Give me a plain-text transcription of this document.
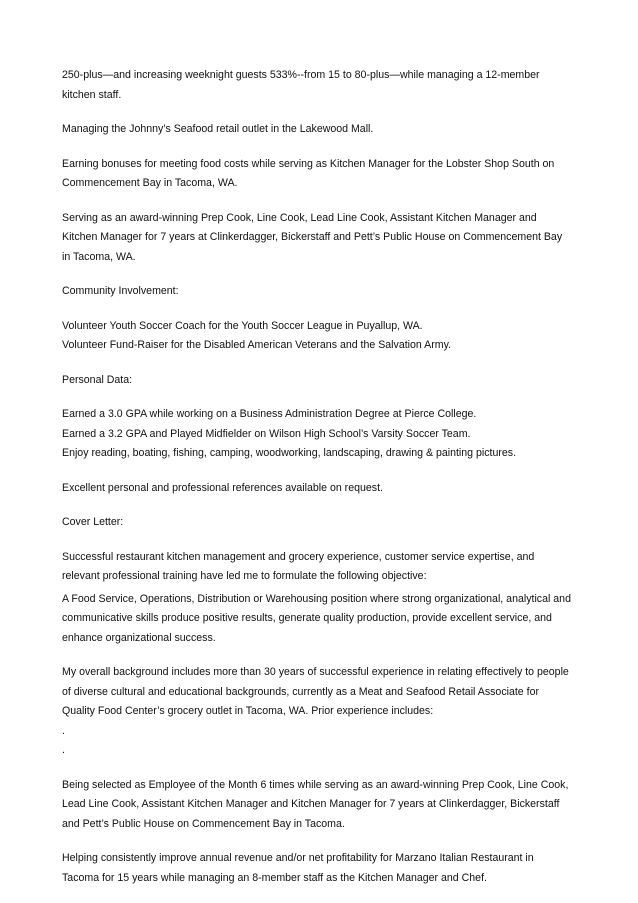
250-plus—and increasing weeknight guests 533%--from 15 to 80-plus—while managing a 12-member
kitchen staff.
Managing the Johnny’s Seafood retail outlet in the Lakewood Mall.
Earning bonuses for meeting food costs while serving as Kitchen Manager for the Lobster Shop South on
Commencement Bay in Tacoma, WA.
Serving as an award-winning Prep Cook, Line Cook, Lead Line Cook, Assistant Kitchen Manager and
Kitchen Manager for 7 years at Clinkerdagger, Bickerstaff and Pett’s Public House on Commencement Bay
in Tacoma, WA.
Community Involvement:
Volunteer Youth Soccer Coach for the Youth Soccer League in Puyallup, WA.
Volunteer Fund-Raiser for the Disabled American Veterans and the Salvation Army.
Personal Data:
Earned a 3.0 GPA while working on a Business Administration Degree at Pierce College.
Earned a 3.2 GPA and Played Midfielder on Wilson High School’s Varsity Soccer Team.
Enjoy reading, boating, fishing, camping, woodworking, landscaping, drawing & painting pictures.
Excellent personal and professional references available on request.
Cover Letter:
Successful restaurant kitchen management and grocery experience, customer service expertise, and
relevant professional training have led me to formulate the following objective:
A Food Service, Operations, Distribution or Warehousing position where strong organizational, analytical and
communicative skills produce positive results, generate quality production, provide excellent service, and
enhance organizational success.
My overall background includes more than 30 years of successful experience in relating effectively to people
of diverse cultural and educational backgrounds, currently as a Meat and Seafood Retail Associate for
Quality Food Center’s grocery outlet in Tacoma, WA. Prior experience includes:
.
.
Being selected as Employee of the Month 6 times while serving as an award-winning Prep Cook, Line Cook,
Lead Line Cook, Assistant Kitchen Manager and Kitchen Manager for 7 years at Clinkerdagger, Bickerstaff
and Pett’s Public House on Commencement Bay in Tacoma.
Helping consistently improve annual revenue and/or net profitability for Marzano Italian Restaurant in
Tacoma for 15 years while managing an 8-member staff as the Kitchen Manager and Chef.
